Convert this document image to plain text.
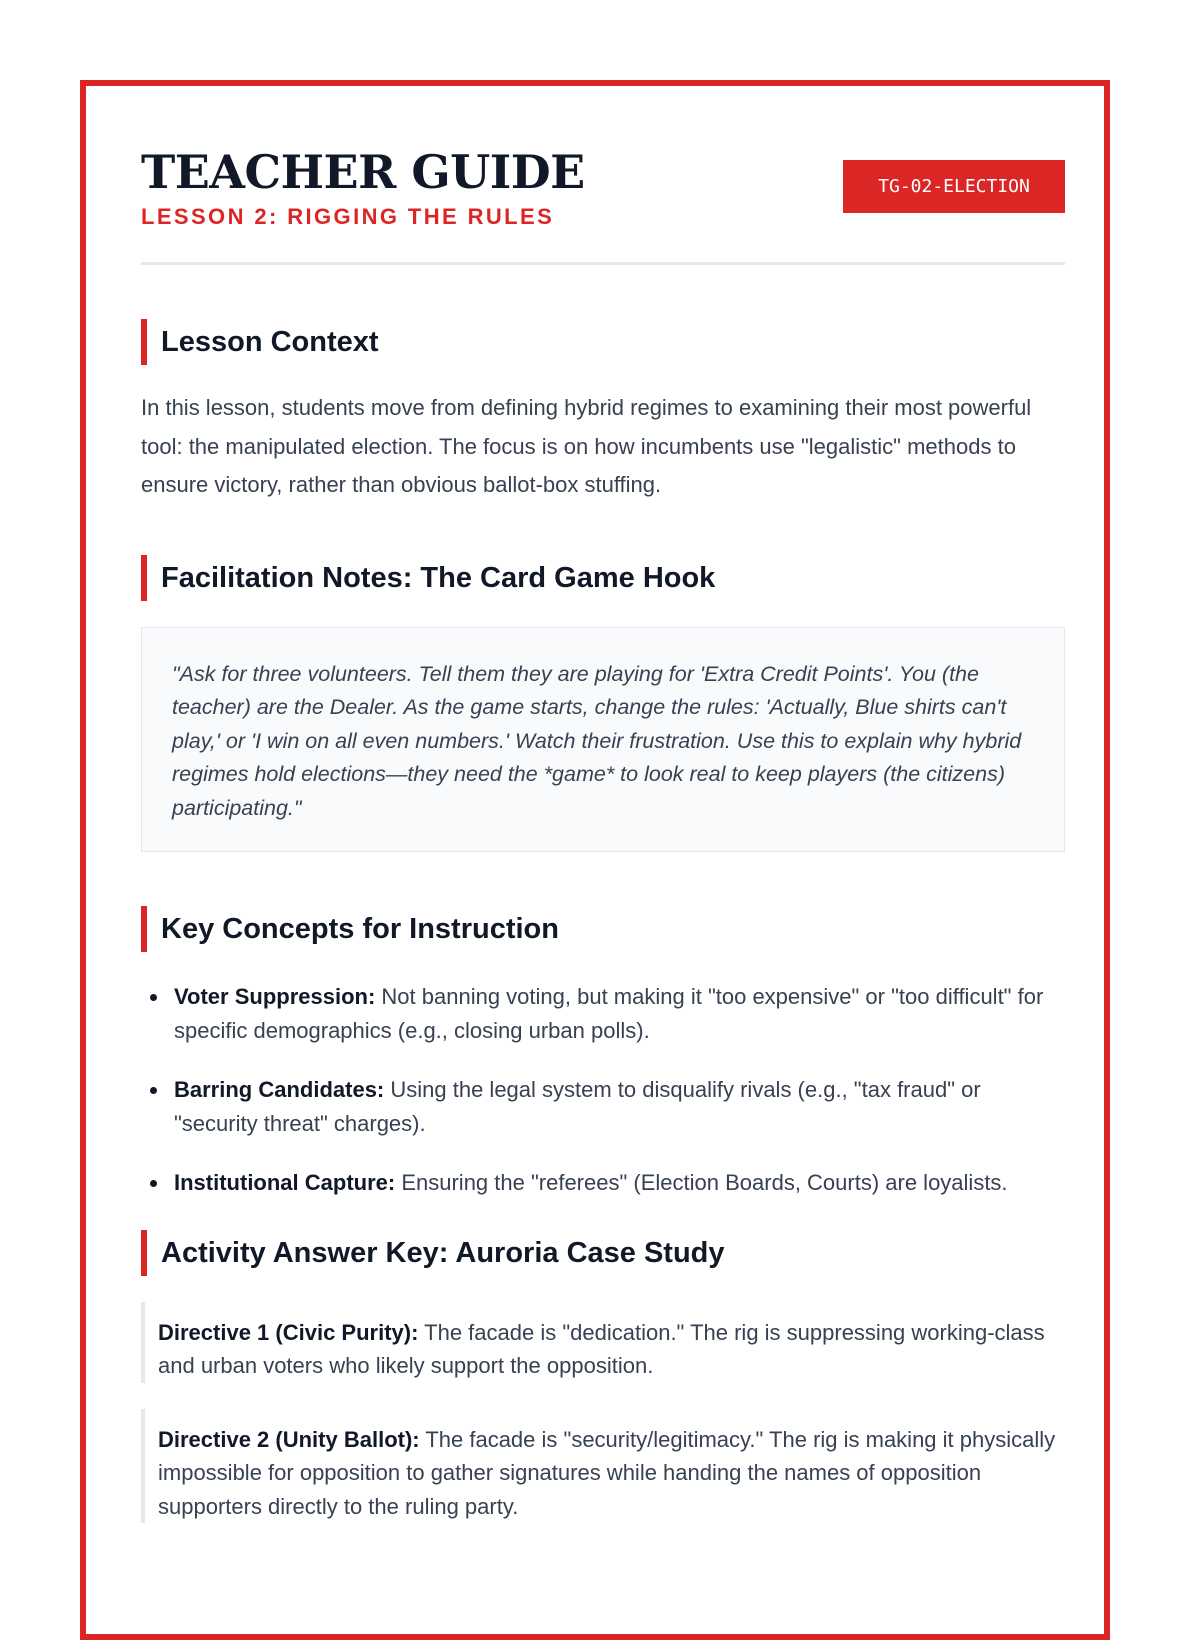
TEACHER GUIDE
LESSON 2: RIGGING THE RULES
TG-02-ELECTION
Lesson Context

In this lesson, students move from defining hybrid regimes to examining their most powerful tool: the manipulated election. The focus is on how incumbents use "legalistic" methods to ensure victory, rather than obvious ballot-box stuffing.

Facilitation Notes: The Card Game Hook
"Ask for three volunteers. Tell them they are playing for 'Extra Credit Points'. You (the teacher) are the Dealer. As the game starts, change the rules: 'Actually, Blue shirts can't play,' or 'I win on all even numbers.' Watch their frustration. Use this to explain why hybrid regimes hold elections—they need the *game* to look real to keep players (the citizens) participating."
Key Concepts for Instruction
Voter Suppression: Not banning voting, but making it "too expensive" or "too difficult" for specific demographics (e.g., closing urban polls).
Barring Candidates: Using the legal system to disqualify rivals (e.g., "tax fraud" or "security threat" charges).
Institutional Capture: Ensuring the "referees" (Election Boards, Courts) are loyalists.
Activity Answer Key: Auroria Case Study
Directive 1 (Civic Purity): The facade is "dedication." The rig is suppressing working-class and urban voters who likely support the opposition.
Directive 2 (Unity Ballot): The facade is "security/legitimacy." The rig is making it physically impossible for opposition to gather signatures while handing the names of opposition supporters directly to the ruling party.
